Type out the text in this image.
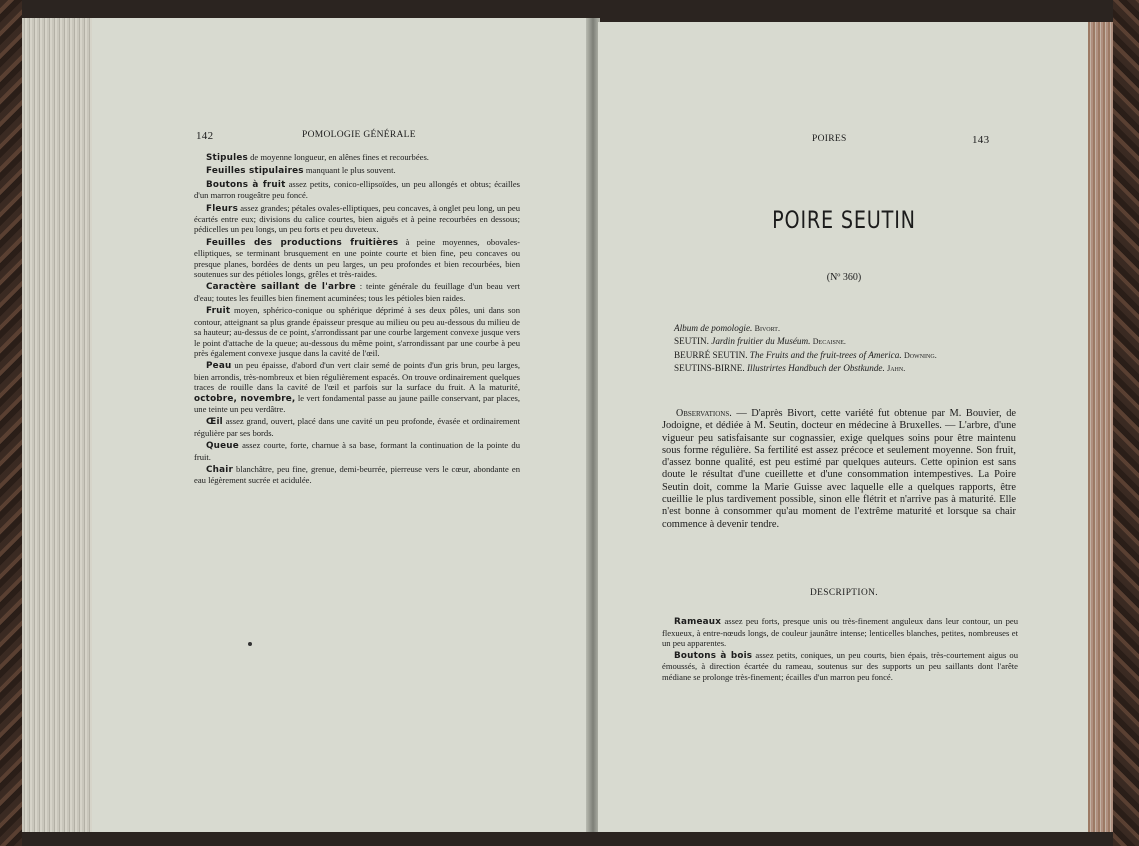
142	POMOLOGIE GÉNÉRALE

Stipules de moyenne longueur, en alênes fines et recourbées.

Feuilles stipulaires manquant le plus souvent.

Boutons à fruit assez petits, conico-ellipsoïdes, un peu allongés et obtus; écailles d'un marron rougeâtre peu foncé.

Fleurs assez grandes; pétales ovales-elliptiques, peu concaves, à onglet peu long, un peu écartés entre eux; divisions du calice courtes, bien aiguës et à peine recourbées en dessous; pédicelles un peu longs, un peu forts et peu duveteux.

Feuilles des productions fruitières à peine moyennes, obovales-elliptiques, se terminant brusquement en une pointe courte et bien fine, peu concaves ou presque planes, bordées de dents un peu larges, un peu profondes et bien recourbées, bien soutenues sur des pétioles longs, grêles et très-raides.

Caractère saillant de l'arbre : teinte générale du feuillage d'un beau vert d'eau; toutes les feuilles bien finement acuminées; tous les pétioles bien raides.

Fruit moyen, sphérico-conique ou sphérique déprimé à ses deux pôles, uni dans son contour, atteignant sa plus grande épaisseur presque au milieu ou peu au-dessous du milieu de sa hauteur; au-dessus de ce point, s'arrondissant par une courbe largement convexe jusque vers le point d'attache de la queue; au-dessous du même point, s'arrondissant par une courbe à peu près également convexe jusque dans la cavité de l'œil.

Peau un peu épaisse, d'abord d'un vert clair semé de points d'un gris brun, peu larges, bien arrondis, très-nombreux et bien régulièrement espacés. On trouve ordinairement quelques traces de rouille dans la cavité de l'œil et parfois sur la surface du fruit. A la maturité, octobre, novembre, le vert fondamental passe au jaune paille conservant, par places, une teinte un peu verdâtre.

Œil assez grand, ouvert, placé dans une cavité un peu profonde, évasée et ordinairement régulière par ses bords.

Queue assez courte, forte, charnue à sa base, formant la continuation de la pointe du fruit.

Chair blanchâtre, peu fine, grenue, demi-beurrée, pierreuse vers le cœur, abondante en eau légèrement sucrée et acidulée.

POIRES	143
POIRE SEUTIN
(Nº 360)
Album de pomologie. Bivort.
SEUTIN. Jardin fruitier du Muséum. Decaisne.
BEURRÉ SEUTIN. The Fruits and the fruit-trees of America. Downing.
SEUTINS-BIRNE. Illustrirtes Handbuch der Obstkunde. Jahn.

Observations. — D'après Bivort, cette variété fut obtenue par M. Bouvier, de Jodoigne, et dédiée à M. Seutin, docteur en médecine à Bruxelles. — L'arbre, d'une vigueur peu satisfaisante sur cognassier, exige quelques soins pour être maintenu sous forme régulière. Sa fertilité est assez précoce et seulement moyenne. Son fruit, d'assez bonne qualité, est peu estimé par quelques auteurs. Cette opinion est sans doute le résultat d'une cueillette et d'une consommation intempestives. La Poire Seutin doit, comme la Marie Guisse avec laquelle elle a quelques rapports, être cueillie le plus tardivement possible, sinon elle flétrit et n'arrive pas à maturité. Elle n'est bonne à consommer qu'au moment de l'extrême maturité et lorsque sa chair commence à devenir tendre.

DESCRIPTION.

Rameaux assez peu forts, presque unis ou très-finement anguleux dans leur contour, un peu flexueux, à entre-nœuds longs, de couleur jaunâtre intense; lenticelles blanches, petites, nombreuses et un peu apparentes.

Boutons à bois assez petits, coniques, un peu courts, bien épais, très-courtement aigus ou émoussés, à direction écartée du rameau, soutenus sur des supports un peu saillants dont l'arête médiane se prolonge très-finement; écailles d'un marron peu foncé.
